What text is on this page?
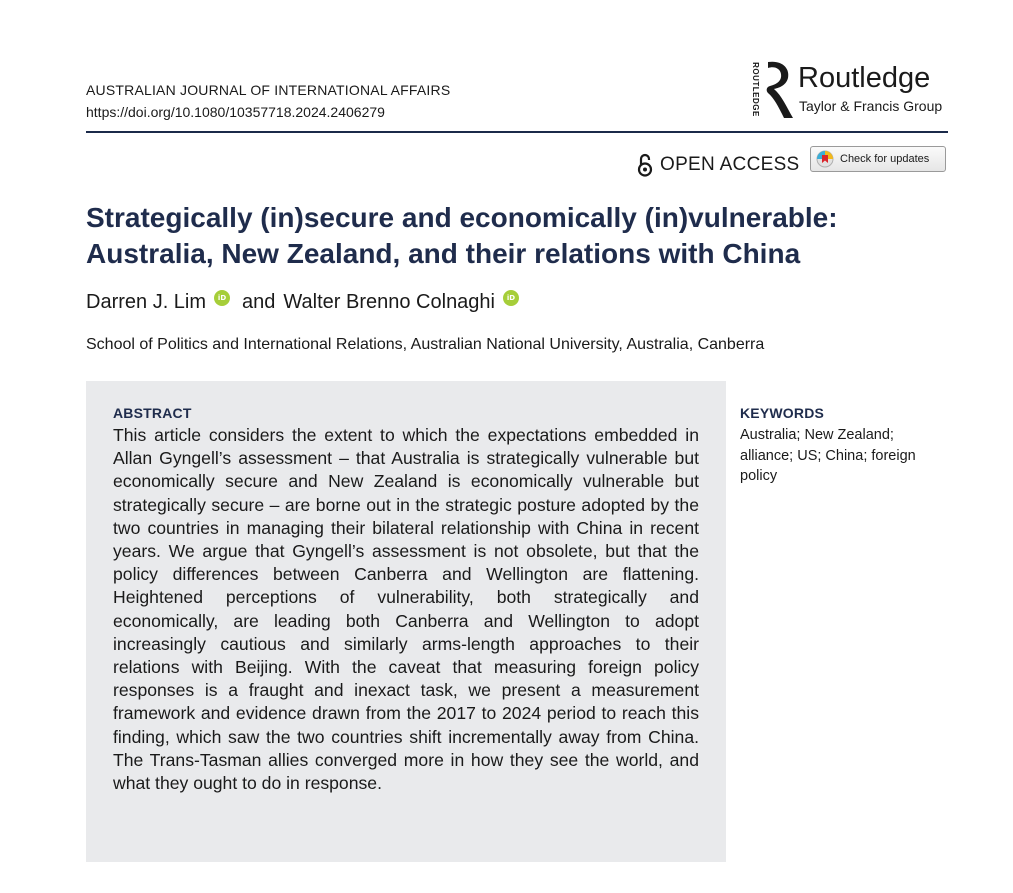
AUSTRALIAN JOURNAL OF INTERNATIONAL AFFAIRS
https://doi.org/10.1080/10357718.2024.2406279	ROUTLEDGE Routledge
Taylor & Francis Group
OPEN ACCESS	Check for updates
Strategically (in)secure and economically (in)vulnerable: Australia, New Zealand, and their relations with China
Darren J. Lim	iD and Walter Brenno Colnaghi	iD
School of Politics and International Relations, Australian National University, Australia, Canberra
ABSTRACT

This article considers the extent to which the expectations embedded in Allan Gyngell’s assessment – that Australia is strategically vulnerable but economically secure and New Zealand is economically vulnerable but strategically secure – are borne out in the strategic posture adopted by the two countries in managing their bilateral relationship with China in recent years. We argue that Gyngell’s assessment is not obsolete, but that the policy differences between Canberra and Wellington are flattening. Heightened perceptions of vulnerability, both strategically and economically, are leading both Canberra and Wellington to adopt increasingly cautious and similarly arms-length approaches to their relations with Beijing. With the caveat that measuring foreign policy responses is a fraught and inexact task, we present a measurement framework and evidence drawn from the 2017 to 2024 period to reach this finding, which saw the two countries shift incrementally away from China. The Trans-Tasman allies converged more in how they see the world, and what they ought to do in response.

KEYWORDS
Australia; New Zealand; alliance; US; China; foreign policy
